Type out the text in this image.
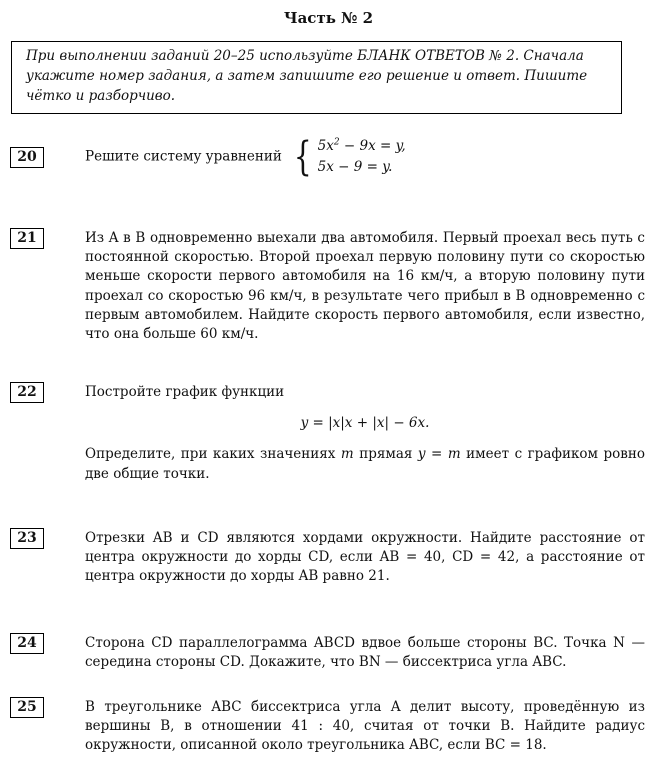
Часть № 2
При выполнении заданий 20–25 используйте БЛАНК ОТВЕТОВ № 2. Сначала укажите номер задания, а затем запишите его решение и ответ. Пишите чётко и разборчиво.
20	Решите систему уравнений { $5x^2 - 9x = y$,
5x − 9 = y.
21	Из A в B одновременно выехали два автомобиля. Первый проехал весь путь с постоянной скоростью. Второй проехал первую половину пути со скоростью меньше скорости первого автомобиля на 16 км/ч, а вторую половину пути проехал со скоростью 96 км/ч, в результате чего прибыл в B одновременно с первым автомобилем. Найдите скорость первого автомобиля, если известно, что она больше 60 км/ч.
22	Постройте график функции
y = |x|x + |x| − 6x.
Определите, при каких значениях m прямая y = m имеет с графиком ровно две общие точки.
23	Отрезки AB и CD являются хордами окружности. Найдите расстояние от центра окружности до хорды CD, если AB = 40, CD = 42, а расстояние от центра окружности до хорды AB равно 21.
24	Сторона CD параллелограмма ABCD вдвое больше стороны BC. Точка N — середина стороны CD. Докажите, что BN — биссектриса угла ABC.
25	В треугольнике ABC биссектриса угла A делит высоту, проведённую из вершины B, в отношении 41 : 40, считая от точки B. Найдите радиус окружности, описанной около треугольника ABC, если BC = 18.
